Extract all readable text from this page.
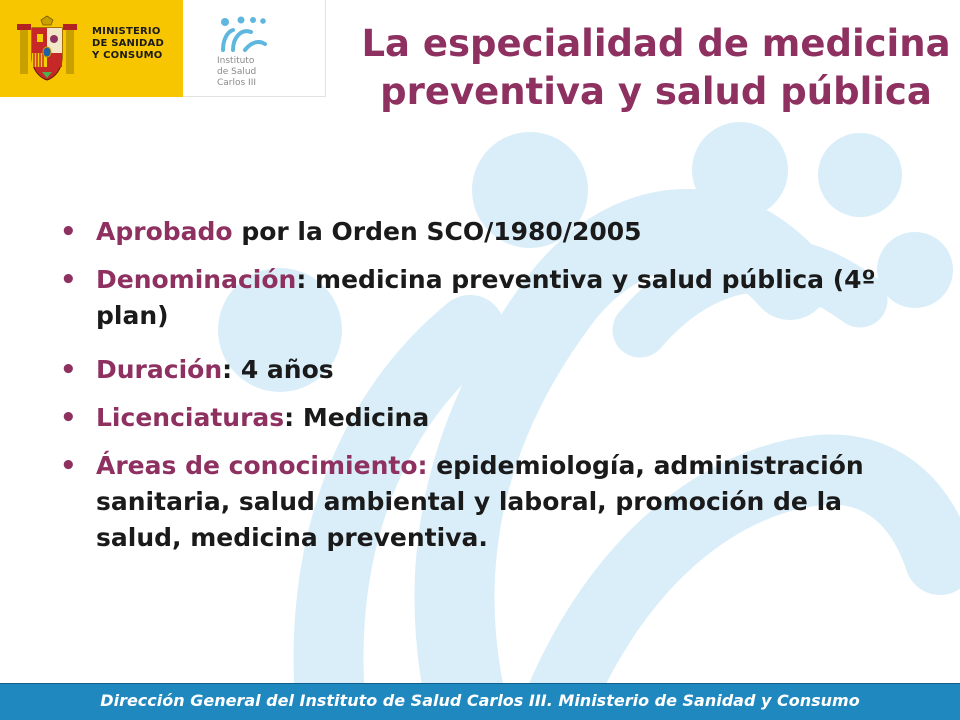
MINISTERIO
DE SANIDAD
Y CONSUMO	Instituto
de Salud
Carlos III
La especialidad de medicina preventiva y salud pública
• Aprobado por la Orden SCO/1980/2005
• Denominación: medicina preventiva y salud pública (4º plan)
• Duración: 4 años
• Licenciaturas: Medicina
• Áreas de conocimiento: epidemiología, administración sanitaria, salud ambiental y laboral, promoción de la salud, medicina preventiva.
Dirección General del Instituto de Salud Carlos III. Ministerio de Sanidad y Consumo
